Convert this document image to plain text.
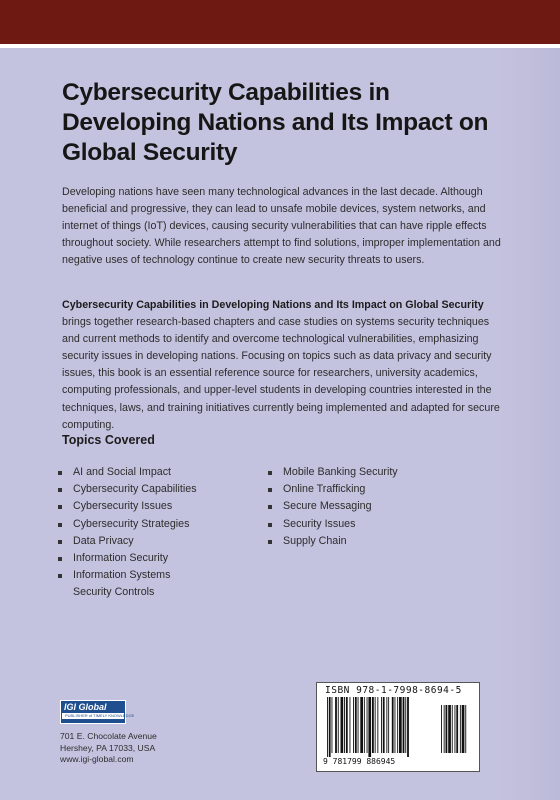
Cybersecurity Capabilities in Developing Nations and Its Impact on Global Security

Developing nations have seen many technological advances in the last decade. Although beneficial and progressive, they can lead to unsafe mobile devices, system networks, and internet of things (IoT) devices, causing security vulnerabilities that can have ripple effects throughout society. While researchers attempt to find solutions, improper implementation and negative uses of technology continue to create new security threats to users.

Cybersecurity Capabilities in Developing Nations and Its Impact on Global Security brings together research-based chapters and case studies on systems security techniques and current methods to identify and overcome technological vulnerabilities, emphasizing security issues in developing nations. Focusing on topics such as data privacy and security issues, this book is an essential reference source for researchers, university academics, computing professionals, and upper-level students in developing countries interested in the techniques, laws, and training initiatives currently being implemented and adapted for secure computing.

Topics Covered
AI and Social Impact
Cybersecurity Capabilities
Cybersecurity Issues
Cybersecurity Strategies
Data Privacy
Information Security
Information Systems Security Controls
Mobile Banking Security
Online Trafficking
Secure Messaging
Security Issues
Supply Chain
IGI Global
PUBLISHER of TIMELY KNOWLEDGE
701 E. Chocolate Avenue
Hershey, PA 17033, USA
www.igi-global.com
ISBN 978-1-7998-8694-5
9 781799 886945
